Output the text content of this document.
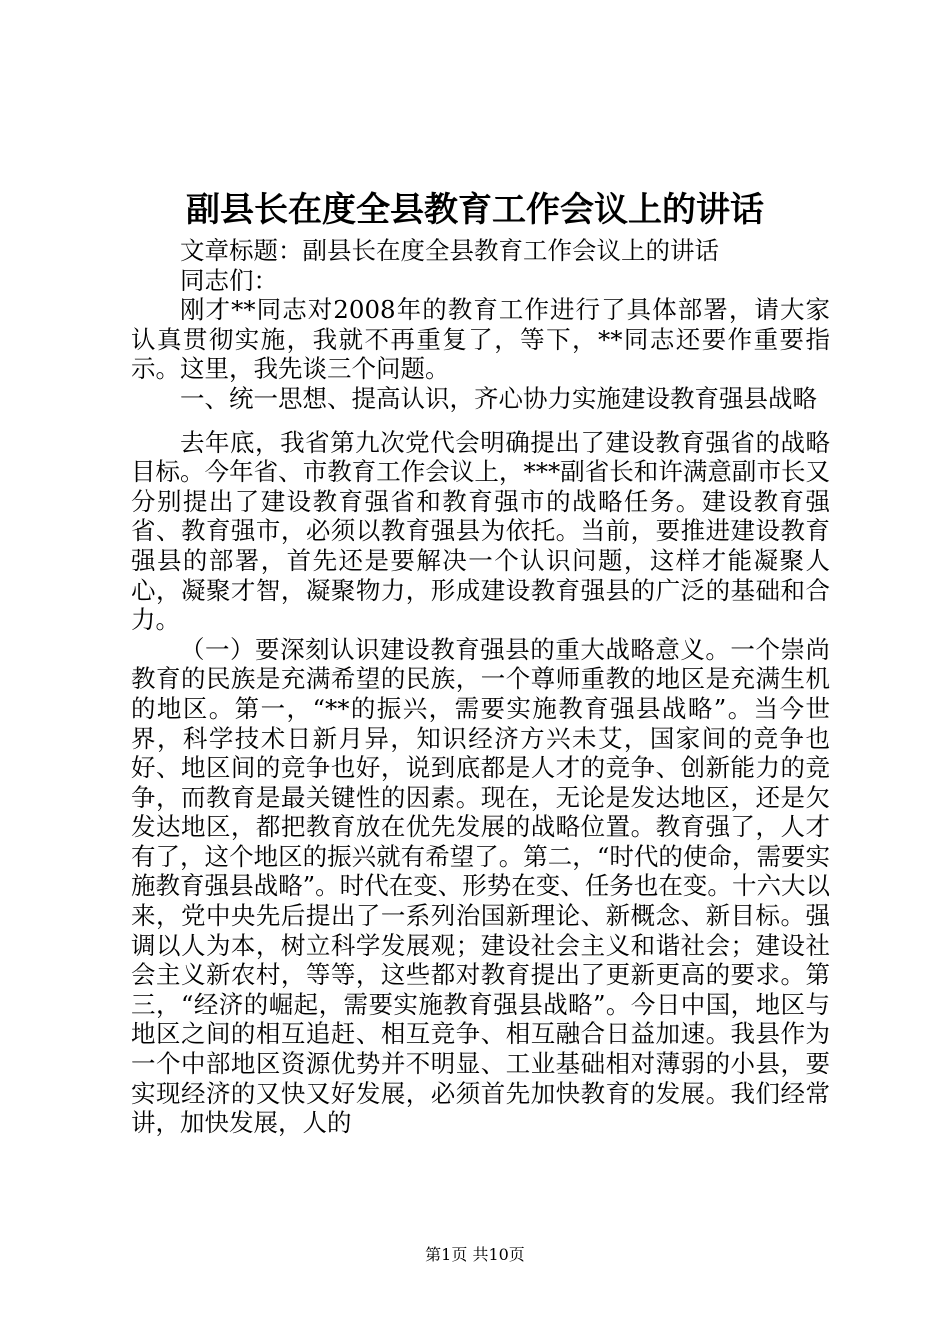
副县长在度全县教育工作会议上的讲话

文章标题：副县长在度全县教育工作会议上的讲话

同志们：

刚才**同志对2008年的教育工作进行了具体部署，请大家认真贯彻实施，我就不再重复了，等下，**同志还要作重要指示。这里，我先谈三个问题。

一、统一思想、提高认识，齐心协力实施建设教育强县战略

去年底，我省第九次党代会明确提出了建设教育强省的战略目标。今年省、市教育工作会议上，***副省长和许满意副市长又分别提出了建设教育强省和教育强市的战略任务。建设教育强省、教育强市，必须以教育强县为依托。当前，要推进建设教育强县的部署，首先还是要解决一个认识问题，这样才能凝聚人心，凝聚才智，凝聚物力，形成建设教育强县的广泛的基础和合力。

（一）要深刻认识建设教育强县的重大战略意义。一个崇尚教育的民族是充满希望的民族，一个尊师重教的地区是充满生机的地区。第一，“**的振兴，需要实施教育强县战略”。当今世界，科学技术日新月异，知识经济方兴未艾，国家间的竞争也好、地区间的竞争也好，说到底都是人才的竞争、创新能力的竞争，而教育是最关键性的因素。现在，无论是发达地区，还是欠发达地区，都把教育放在优先发展的战略位置。教育强了，人才有了，这个地区的振兴就有希望了。第二，“时代的使命，需要实施教育强县战略”。时代在变、形势在变、任务也在变。十六大以来，党中央先后提出了一系列治国新理论、新概念、新目标。强调以人为本，树立科学发展观；建设社会主义和谐社会；建设社会主义新农村，等等，这些都对教育提出了更新更高的要求。第三，“经济的崛起，需要实施教育强县战略”。今日中国，地区与地区之间的相互追赶、相互竞争、相互融合日益加速。我县作为一个中部地区资源优势并不明显、工业基础相对薄弱的小县，要实现经济的又快又好发展，必须首先加快教育的发展。我们经常讲，加快发展，人的

第1页 共10页
